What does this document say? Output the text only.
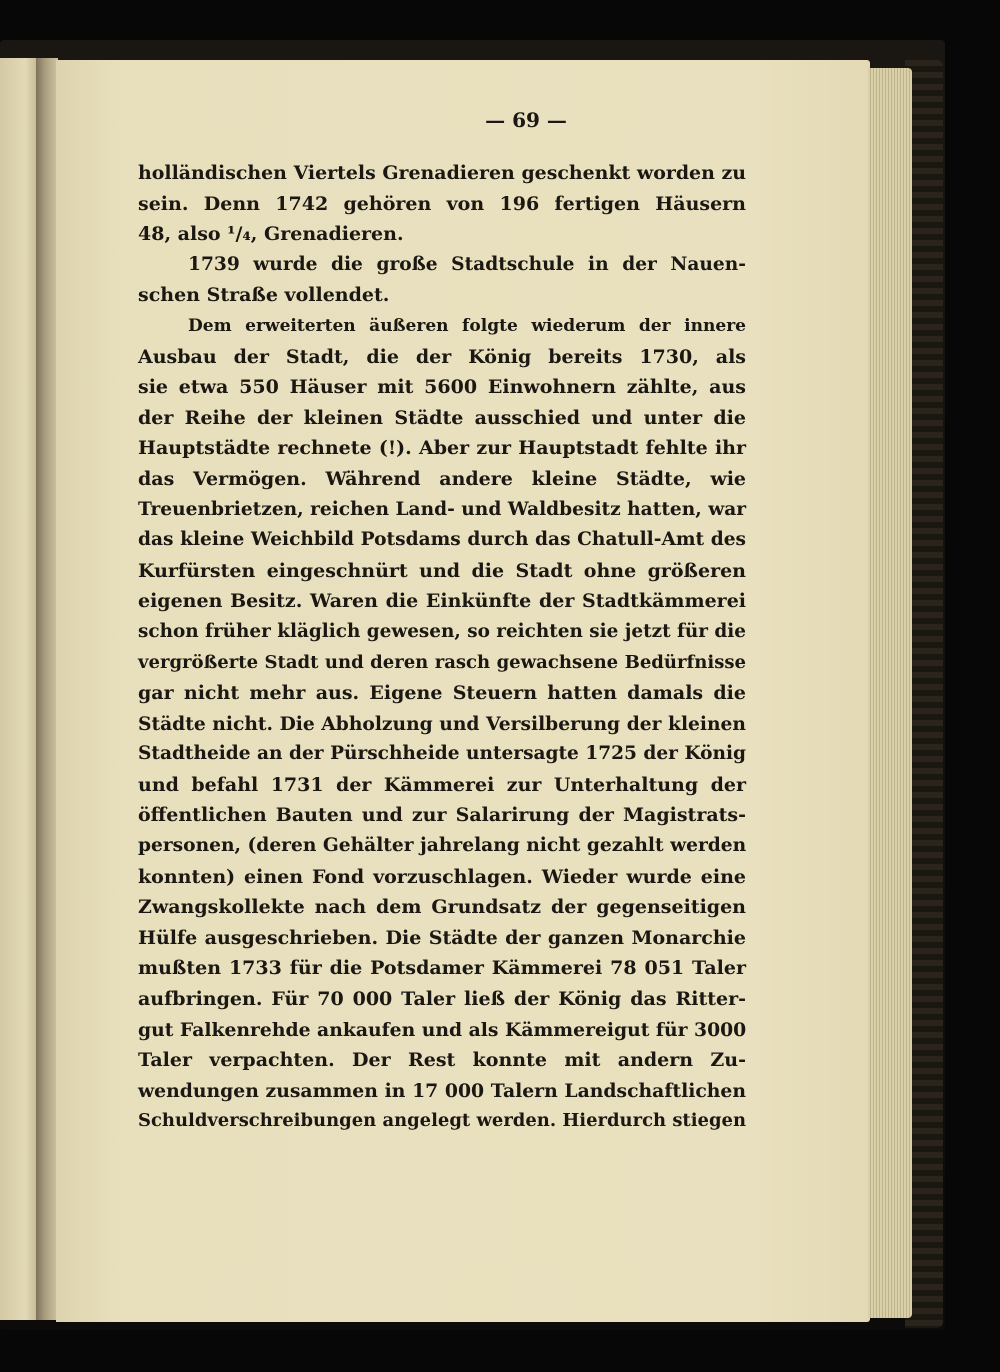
— 69 —
holländischen Viertels Grenadieren geschenkt worden zu
sein. Denn 1742 gehören von 196 fertigen Häusern
48, also ¹/₄, Grenadieren.
1739 wurde die große Stadtschule in der Nauen-
schen Straße vollendet.
Dem erweiterten äußeren folgte wiederum der innere
Ausbau der Stadt, die der König bereits 1730, als
sie etwa 550 Häuser mit 5600 Einwohnern zählte, aus
der Reihe der kleinen Städte ausschied und unter die
Hauptstädte rechnete (!). Aber zur Hauptstadt fehlte ihr
das Vermögen. Während andere kleine Städte, wie
Treuenbrietzen, reichen Land- und Waldbesitz hatten, war
das kleine Weichbild Potsdams durch das Chatull-Amt des
Kurfürsten eingeschnürt und die Stadt ohne größeren
eigenen Besitz. Waren die Einkünfte der Stadtkämmerei
schon früher kläglich gewesen, so reichten sie jetzt für die
vergrößerte Stadt und deren rasch gewachsene Bedürfnisse
gar nicht mehr aus. Eigene Steuern hatten damals die
Städte nicht. Die Abholzung und Versilberung der kleinen
Stadtheide an der Pürschheide untersagte 1725 der König
und befahl 1731 der Kämmerei zur Unterhaltung der
öffentlichen Bauten und zur Salarirung der Magistrats-
personen, (deren Gehälter jahrelang nicht gezahlt werden
konnten) einen Fond vorzuschlagen. Wieder wurde eine
Zwangskollekte nach dem Grundsatz der gegenseitigen
Hülfe ausgeschrieben. Die Städte der ganzen Monarchie
mußten 1733 für die Potsdamer Kämmerei 78 051 Taler
aufbringen. Für 70 000 Taler ließ der König das Ritter-
gut Falkenrehde ankaufen und als Kämmereigut für 3000
Taler verpachten. Der Rest konnte mit andern Zu-
wendungen zusammen in 17 000 Talern Landschaftlichen
Schuldverschreibungen angelegt werden. Hierdurch stiegen
